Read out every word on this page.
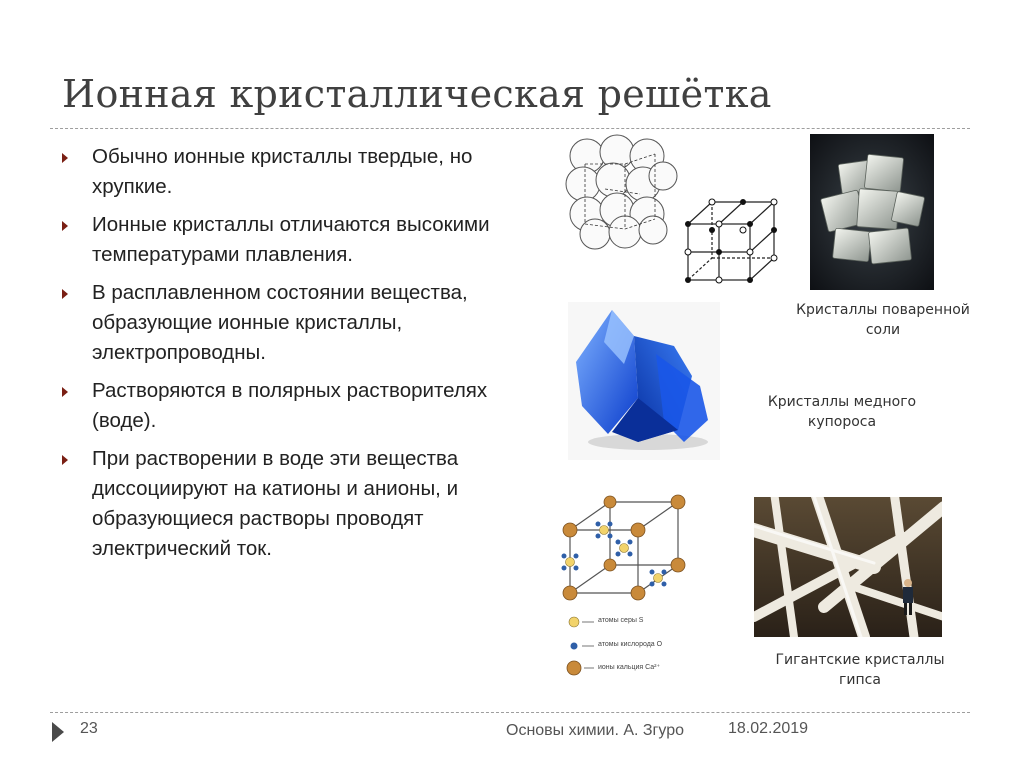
Ионная кристаллическая решётка
Обычно ионные кристаллы твердые, но хрупкие.
Ионные кристаллы отличаются высокими температурами плавления.
В расплавленном состоянии вещества, образующие ионные кристаллы, электропроводны.
Растворяются в полярных растворителях (воде).
При растворении в воде эти вещества диссоциируют на катионы и анионы, и образующиеся растворы проводят электрический ток.
атомы серы S
атомы кислорода O
ионы кальция Ca²⁺
Кристаллы поваренной
соли
Кристаллы медного
купороса
Гигантские кристаллы
гипса
23	Основы химии. А. Згуро	18.02.2019
